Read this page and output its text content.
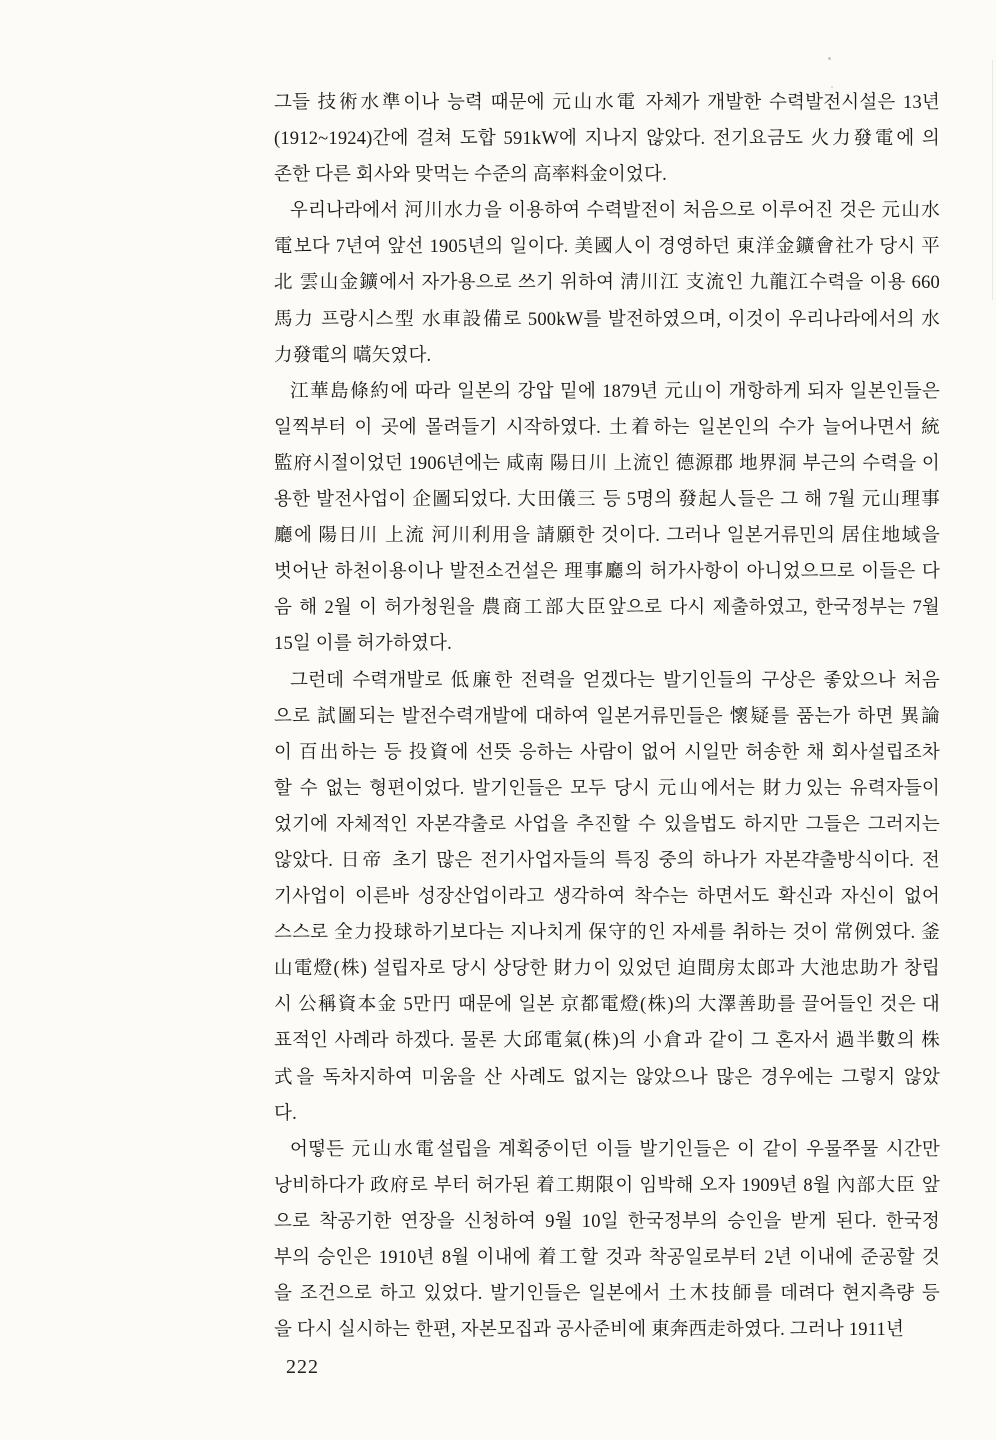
그들 技術水準이나 능력 때문에 元山水電 자체가 개발한 수력발전시설은 13년
(1912~1924)간에 걸쳐 도합 591kW에 지나지 않았다. 전기요금도 火力發電에 의
존한 다른 회사와 맞먹는 수준의 高率料金이었다.
우리나라에서 河川水力을 이용하여 수력발전이 처음으로 이루어진 것은 元山水
電보다 7년여 앞선 1905년의 일이다. 美國人이 경영하던 東洋金鑛會社가 당시 平
北 雲山金鑛에서 자가용으로 쓰기 위하여 淸川江 支流인 九龍江수력을 이용 660
馬力 프랑시스型 水車設備로 500kW를 발전하였으며, 이것이 우리나라에서의 水
力發電의 嚆矢였다.
江華島條約에 따라 일본의 강압 밑에 1879년 元山이 개항하게 되자 일본인들은
일찍부터 이 곳에 몰려들기 시작하였다. 土着하는 일본인의 수가 늘어나면서 統
監府시절이었던 1906년에는 咸南 陽日川 上流인 德源郡 地界洞 부근의 수력을 이
용한 발전사업이 企圖되었다. 大田儀三 등 5명의 發起人들은 그 해 7월 元山理事
廳에 陽日川 上流 河川利用을 請願한 것이다. 그러나 일본거류민의 居住地域을
벗어난 하천이용이나 발전소건설은 理事廳의 허가사항이 아니었으므로 이들은 다
음 해 2월 이 허가청원을 農商工部大臣앞으로 다시 제출하였고, 한국정부는 7월
15일 이를 허가하였다.
그런데 수력개발로 低廉한 전력을 얻겠다는 발기인들의 구상은 좋았으나 처음
으로 試圖되는 발전수력개발에 대하여 일본거류민들은 懷疑를 품는가 하면 異論
이 百出하는 등 投資에 선뜻 응하는 사람이 없어 시일만 허송한 채 회사설립조차
할 수 없는 형편이었다. 발기인들은 모두 당시 元山에서는 財力있는 유력자들이
었기에 자체적인 자본갹출로 사업을 추진할 수 있을법도 하지만 그들은 그러지는
않았다. 日帝 초기 많은 전기사업자들의 특징 중의 하나가 자본갹출방식이다. 전
기사업이 이른바 성장산업이라고 생각하여 착수는 하면서도 확신과 자신이 없어
스스로 全力投球하기보다는 지나치게 保守的인 자세를 취하는 것이 常例였다. 釜
山電燈(株) 설립자로 당시 상당한 財力이 있었던 迫間房太郎과 大池忠助가 창립
시 公稱資本金 5만円 때문에 일본 京都電燈(株)의 大澤善助를 끌어들인 것은 대
표적인 사례라 하겠다. 물론 大邱電氣(株)의 小倉과 같이 그 혼자서 過半數의 株
式을 독차지하여 미움을 산 사례도 없지는 않았으나 많은 경우에는 그렇지 않았
다.
어떻든 元山水電설립을 계획중이던 이들 발기인들은 이 같이 우물쭈물 시간만
낭비하다가 政府로 부터 허가된 着工期限이 임박해 오자 1909년 8월 內部大臣 앞
으로 착공기한 연장을 신청하여 9월 10일 한국정부의 승인을 받게 된다. 한국정
부의 승인은 1910년 8월 이내에 着工할 것과 착공일로부터 2년 이내에 준공할 것
을 조건으로 하고 있었다. 발기인들은 일본에서 土木技師를 데려다 현지측량 등
을 다시 실시하는 한편, 자본모집과 공사준비에 東奔西走하였다. 그러나 1911년
222
